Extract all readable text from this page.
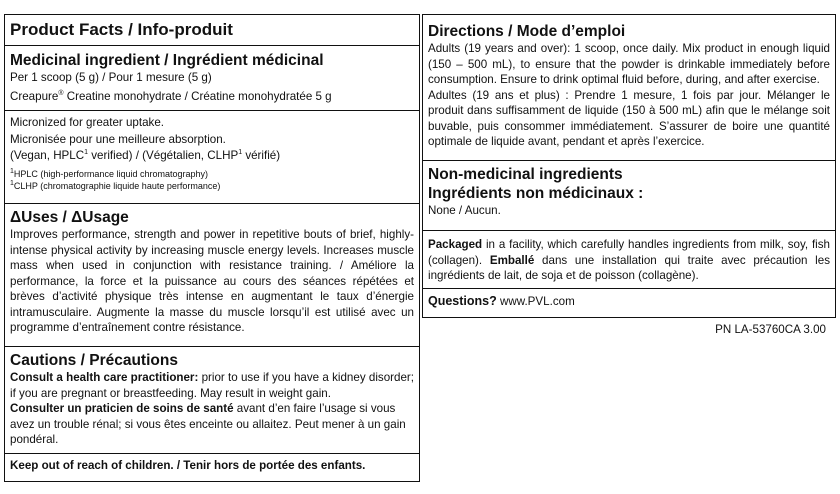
Product Facts / Info-produit
Medicinal ingredient / Ingrédient médicinal
Per 1 scoop (5 g) / Pour 1 mesure (5 g)
Creapure® Creatine monohydrate / Créatine monohydratée 5 g
Micronized for greater uptake.
Micronisée pour une meilleure absorption.
(Vegan, HPLC$^1$ verified) / (Végétalien, CLHP$^1$ vérifié)
$^1$HPLC (high-performance liquid chromatography)
$^1$CLHP (chromatographie liquide haute performance)
ΔUses / ΔUsage
Improves performance, strength and power in repetitive bouts of brief, highly-intense physical activity by increasing muscle energy levels. Increases muscle mass when used in conjunction with resistance training. / Améliore la performance, la force et la puissance au cours des séances répétées et brèves d’activité physique très intense en augmentant le taux d’énergie intramusculaire. Augmente la masse du muscle lorsqu’il est utilisé avec un programme d’entraînement contre résistance.
Cautions / Précautions
Consult a health care practitioner: prior to use if you have a kidney disorder; if you are pregnant or breastfeeding. May result in weight gain.
Consulter un praticien de soins de santé avant d’en faire l’usage si vous avez un trouble rénal; si vous êtes enceinte ou allaitez. Peut mener à un gain pondéral.
Keep out of reach of children. / Tenir hors de portée des enfants.
Directions / Mode d’emploi
Adults (19 years and over): 1 scoop, once daily. Mix product in enough liquid (150 – 500 mL), to ensure that the powder is drinkable immediately before consumption. Ensure to drink optimal fluid before, during, and after exercise.
Adultes (19 ans et plus) : Prendre 1 mesure, 1 fois par jour. Mélanger le produit dans suffisamment de liquide (150 à 500 mL) afin que le mélange soit buvable, puis consommer immédiatement. S’assurer de boire une quantité optimale de liquide avant, pendant et après l’exercice.
Non-medicinal ingredients
Ingrédients non médicinaux :
None / Aucun.
Packaged in a facility, which carefully handles ingredients from milk, soy, fish (collagen). Emballé dans une installation qui traite avec précaution les ingrédients de lait, de soja et de poisson (collagène).
Questions? www.PVL.com
PN LA-53760CA 3.00
